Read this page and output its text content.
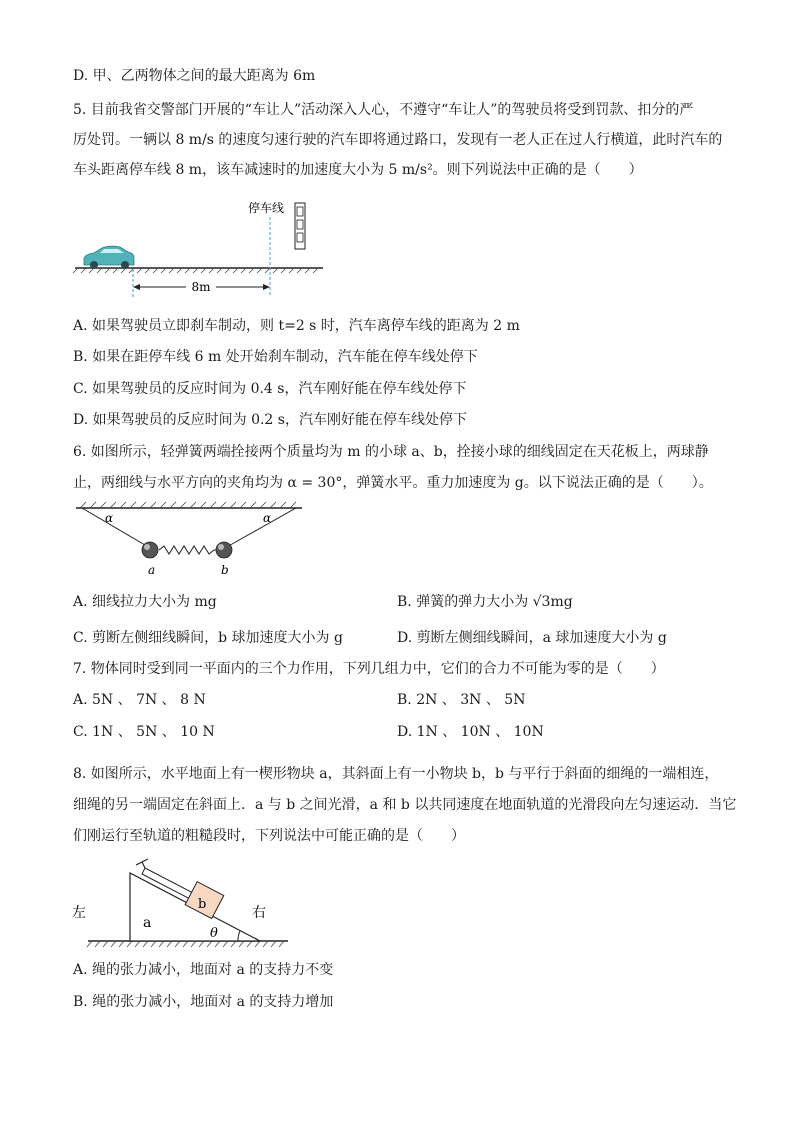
D. 甲、乙两物体之间的最大距离为 6m
5. 目前我省交警部门开展的“车让人”活动深入人心，不遵守“车让人”的驾驶员将受到罚款、扣分的严
厉处罚。一辆以 8 m/s 的速度匀速行驶的汽车即将通过路口，发现有一老人正在过人行横道，此时汽车的
车头距离停车线 8 m，该车减速时的加速度大小为 5 m/s²。则下列说法中正确的是（　　）
8m
停车线
A. 如果驾驶员立即刹车制动，则 t=2 s 时，汽车离停车线的距离为 2 m
B. 如果在距停车线 6 m 处开始刹车制动，汽车能在停车线处停下
C. 如果驾驶员的反应时间为 0.4 s，汽车刚好能在停车线处停下
D. 如果驾驶员的反应时间为 0.2 s，汽车刚好能在停车线处停下
6. 如图所示，轻弹簧两端拴接两个质量均为 m 的小球 a、b，拴接小球的细线固定在天花板上，两球静
止，两细线与水平方向的夹角均为 α = 30°，弹簧水平。重力加速度为 g。以下说法正确的是（　　）。
α	α
a	b
A. 细线拉力大小为 mg	B. 弹簧的弹力大小为 √3mg
C. 剪断左侧细线瞬间，b 球加速度大小为 g	D. 剪断左侧细线瞬间，a 球加速度大小为 g
7. 物体同时受到同一平面内的三个力作用，下列几组力中，它们的合力不可能为零的是（　　）
A. 5N 、 7N 、 8 N	B. 2N 、 3N 、 5N
C. 1N 、 5N 、 10 N	D. 1N 、 10N 、 10N
8. 如图所示，水平地面上有一楔形物块 a，其斜面上有一小物块 b，b 与平行于斜面的细绳的一端相连，
细绳的另一端固定在斜面上．a 与 b 之间光滑，a 和 b 以共同速度在地面轨道的光滑段向左匀速运动．当它
们刚运行至轨道的粗糙段时，下列说法中可能正确的是（　　）
左	右
a
b
θ
A. 绳的张力减小，地面对 a 的支持力不变
B. 绳的张力减小，地面对 a 的支持力增加
